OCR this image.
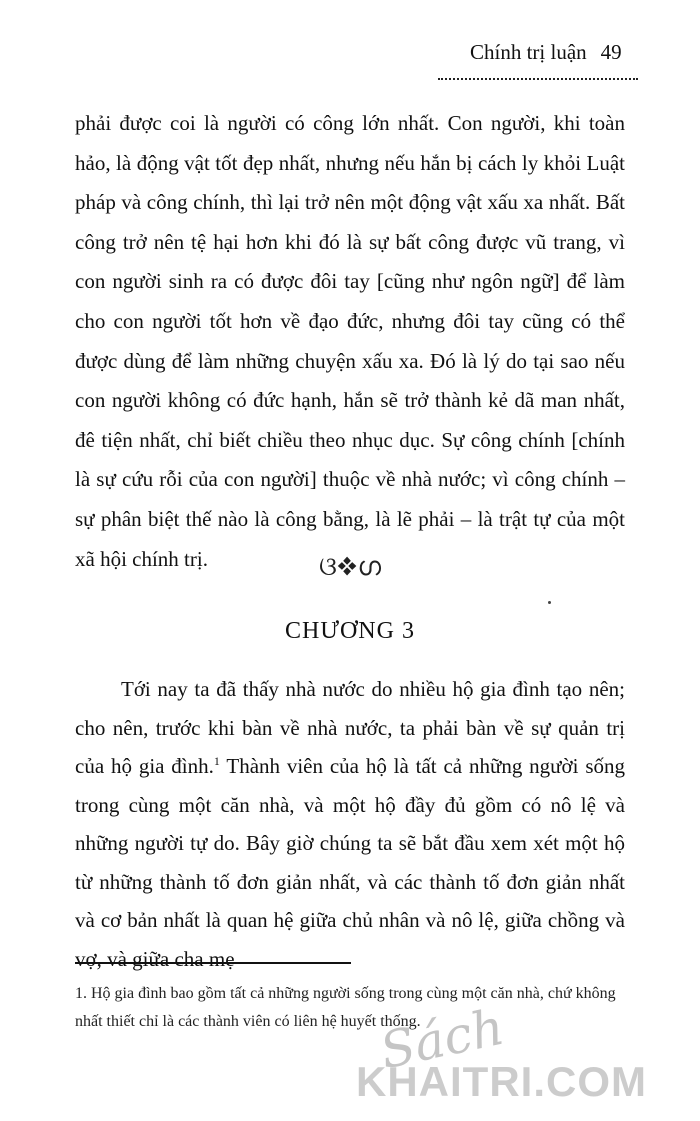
Chính trị luận 49

phải được coi là người có công lớn nhất. Con người, khi toàn hảo, là động vật tốt đẹp nhất, nhưng nếu hắn bị cách ly khỏi Luật pháp và công chính, thì lại trở nên một động vật xấu xa nhất. Bất công trở nên tệ hại hơn khi đó là sự bất công được vũ trang, vì con người sinh ra có được đôi tay [cũng như ngôn ngữ] để làm cho con người tốt hơn về đạo đức, nhưng đôi tay cũng có thể được dùng để làm những chuyện xấu xa. Đó là lý do tại sao nếu con người không có đức hạnh, hắn sẽ trở thành kẻ dã man nhất, đê tiện nhất, chỉ biết chiều theo nhục dục. Sự công chính [chính là sự cứu rỗi của con người] thuộc về nhà nước; vì công chính – sự phân biệt thế nào là công bằng, là lẽ phải – là trật tự của một xã hội chính trị.	ଓ❖ഗ
CHƯƠNG 3

Tới nay ta đã thấy nhà nước do nhiều hộ gia đình tạo nên; cho nên, trước khi bàn về nhà nước, ta phải bàn về sự quản trị của hộ gia đình.$^1$ Thành viên của hộ là tất cả những người sống trong cùng một căn nhà, và một hộ đầy đủ gồm có nô lệ và những người tự do. Bây giờ chúng ta sẽ bắt đầu xem xét một hộ từ những thành tố đơn giản nhất, và các thành tố đơn giản nhất và cơ bản nhất là quan hệ giữa chủ nhân và nô lệ, giữa chồng và vợ, và giữa cha mẹ

1. Hộ gia đình bao gồm tất cả những người sống trong cùng một căn nhà, chứ không nhất thiết chỉ là các thành viên có liên hệ huyết thống.

Sách
KHAITRI.COM
